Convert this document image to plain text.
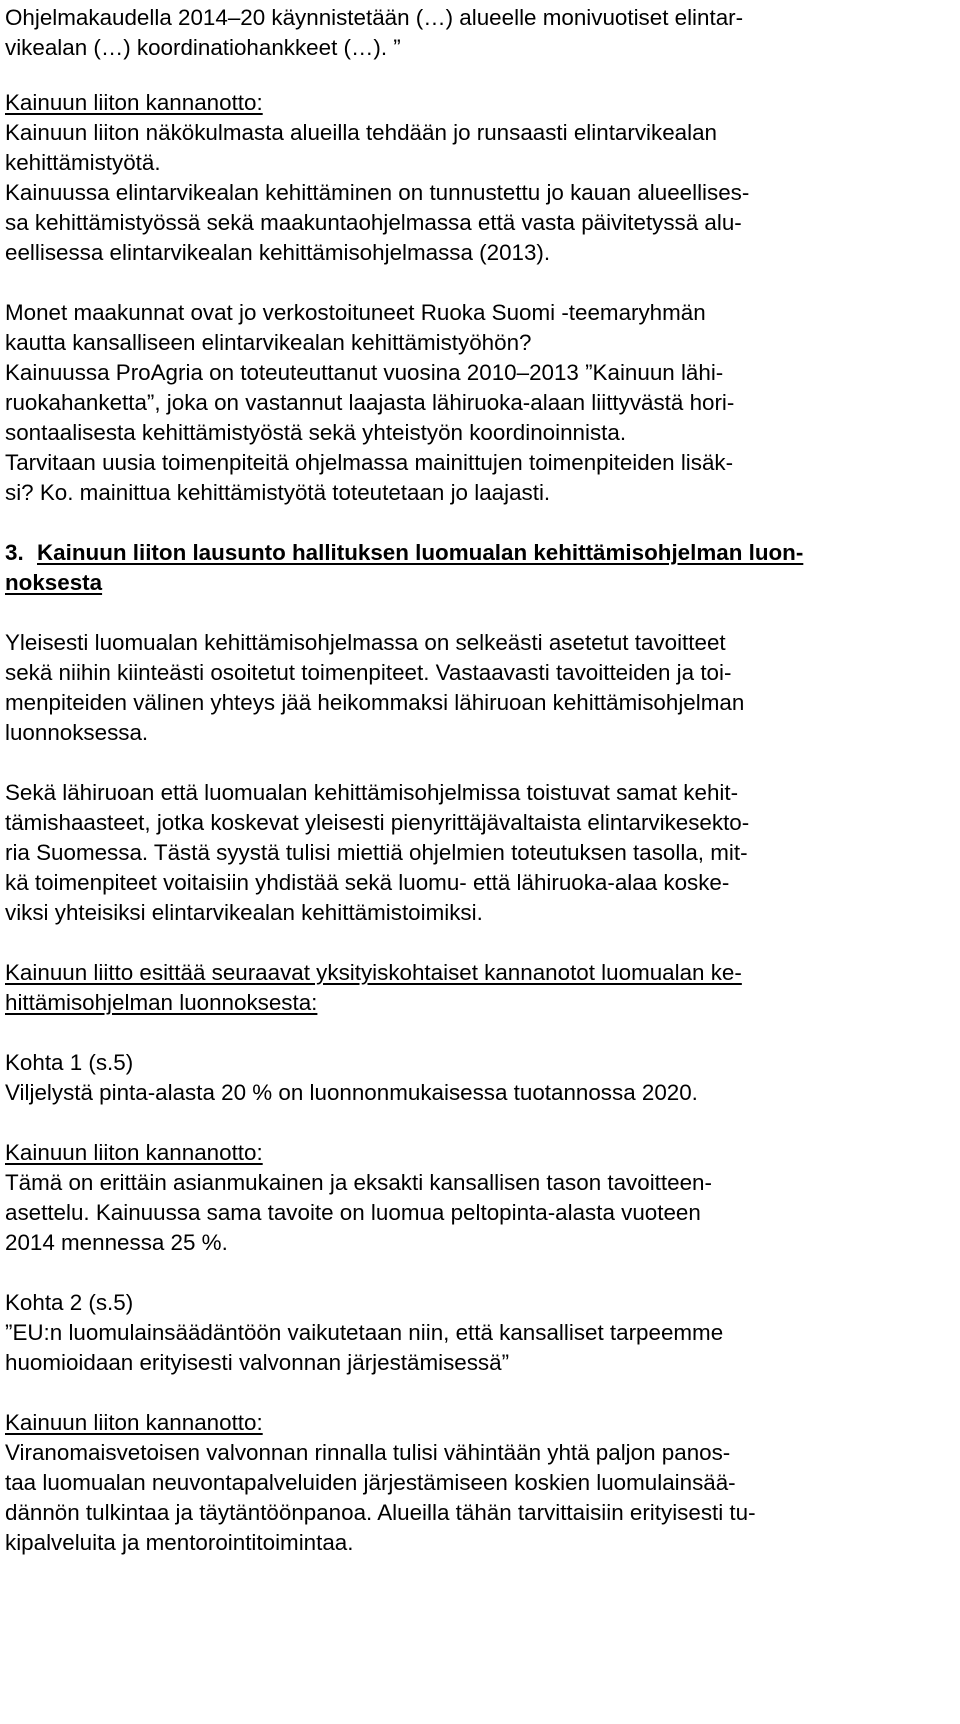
Ohjelmakaudella 2014–20 käynnistetään (…) alueelle monivuotiset elintar-
vikealan (…) koordinatiohankkeet (…). ”
Kainuun liiton kannanotto:
Kainuun liiton näkökulmasta alueilla tehdään jo runsaasti elintarvikealan
kehittämistyötä.
Kainuussa elintarvikealan kehittäminen on tunnustettu jo kauan alueellises-
sa kehittämistyössä sekä maakuntaohjelmassa että vasta päivitetyssä alu-
eellisessa elintarvikealan kehittämisohjelmassa (2013).
Monet maakunnat ovat jo verkostoituneet Ruoka Suomi -teemaryhmän
kautta kansalliseen elintarvikealan kehittämistyöhön?
Kainuussa ProAgria on toteuteuttanut vuosina 2010–2013 ”Kainuun lähi-
ruokahanketta”, joka on vastannut laajasta lähiruoka-alaan liittyvästä hori-
sontaalisesta kehittämistyöstä sekä yhteistyön koordinoinnista.
Tarvitaan uusia toimenpiteitä ohjelmassa mainittujen toimenpiteiden lisäk-
si? Ko. mainittua kehittämistyötä toteutetaan jo laajasti.
3. Kainuun liiton lausunto hallituksen luomualan kehittämisohjelman luon-
noksesta
Yleisesti luomualan kehittämisohjelmassa on selkeästi asetetut tavoitteet
sekä niihin kiinteästi osoitetut toimenpiteet. Vastaavasti tavoitteiden ja toi-
menpiteiden välinen yhteys jää heikommaksi lähiruoan kehittämisohjelman
luonnoksessa.
Sekä lähiruoan että luomualan kehittämisohjelmissa toistuvat samat kehit-
tämishaasteet, jotka koskevat yleisesti pienyrittäjävaltaista elintarvikesekto-
ria Suomessa. Tästä syystä tulisi miettiä ohjelmien toteutuksen tasolla, mit-
kä toimenpiteet voitaisiin yhdistää sekä luomu- että lähiruoka-alaa koske-
viksi yhteisiksi elintarvikealan kehittämistoimiksi.
Kainuun liitto esittää seuraavat yksityiskohtaiset kannanotot luomualan ke-
hittämisohjelman luonnoksesta:
Kohta 1 (s.5)
Viljelystä pinta-alasta 20 % on luonnonmukaisessa tuotannossa 2020.
Kainuun liiton kannanotto:
Tämä on erittäin asianmukainen ja eksakti kansallisen tason tavoitteen-
asettelu. Kainuussa sama tavoite on luomua peltopinta-alasta vuoteen
2014 mennessa 25 %.
Kohta 2 (s.5)
”EU:n luomulainsäädäntöön vaikutetaan niin, että kansalliset tarpeemme
huomioidaan erityisesti valvonnan järjestämisessä”
Kainuun liiton kannanotto:
Viranomaisvetoisen valvonnan rinnalla tulisi vähintään yhtä paljon panos-
taa luomualan neuvontapalveluiden järjestämiseen koskien luomulainsää-
dännön tulkintaa ja täytäntöönpanoa. Alueilla tähän tarvittaisiin erityisesti tu-
kipalveluita ja mentorointitoimintaa.
